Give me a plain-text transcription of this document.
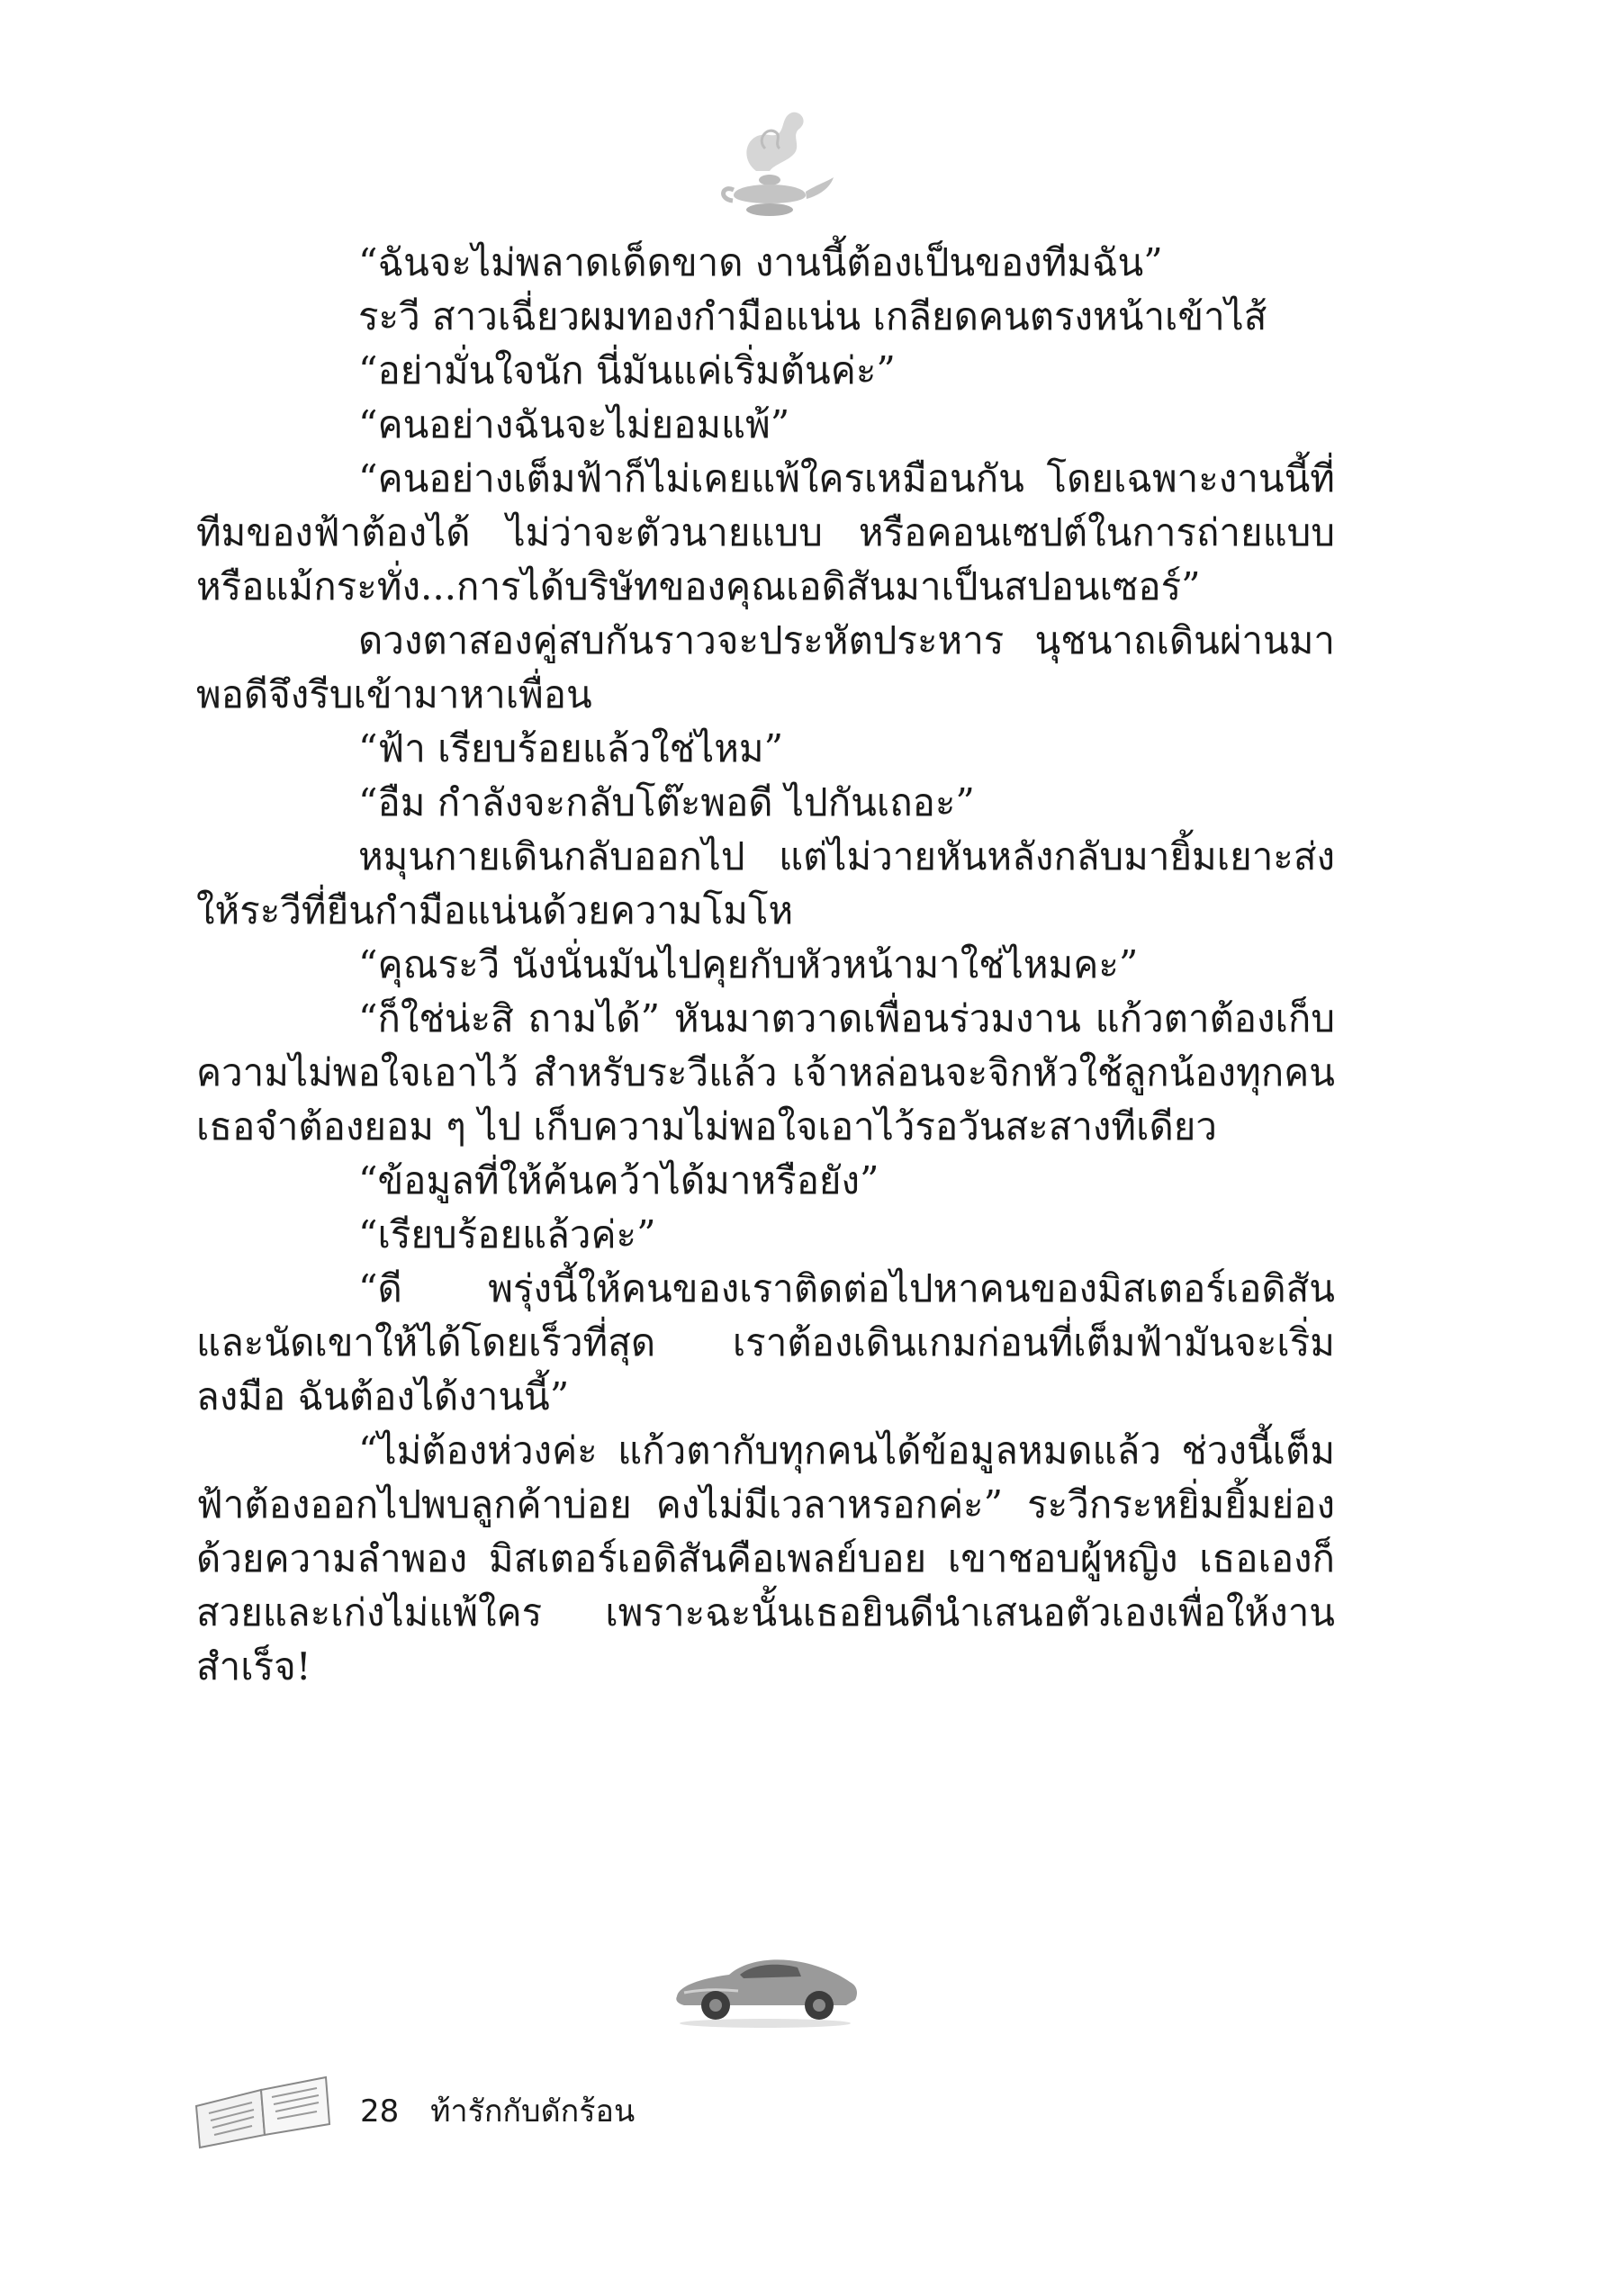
“ฉันจะไม่พลาดเด็ดขาด งานนี้ต้องเป็นของทีมฉัน”

ระวี สาวเฉี่ยวผมทองกำมือแน่น เกลียดคนตรงหน้าเข้าไส้

“อย่ามั่นใจนัก นี่มันแค่เริ่มต้นค่ะ”

“คนอย่างฉันจะไม่ยอมแพ้”

“คนอย่างเต็มฟ้าก็ไม่เคยแพ้ใครเหมือนกัน โดยเฉพาะงานนี้ที่ทีมของฟ้าต้องได้ ไม่ว่าจะตัวนายแบบ หรือคอนเซปต์ในการถ่ายแบบ หรือแม้กระทั่ง...การได้บริษัทของคุณเอดิสันมาเป็นสปอนเซอร์”

ดวงตาสองคู่สบกันราวจะประหัตประหาร นุชนาถเดินผ่านมาพอดีจึงรีบเข้ามาหาเพื่อน

“ฟ้า เรียบร้อยแล้วใช่ไหม”

“อืม กำลังจะกลับโต๊ะพอดี ไปกันเถอะ”

หมุนกายเดินกลับออกไป แต่ไม่วายหันหลังกลับมายิ้มเยาะส่งให้ระวีที่ยืนกำมือแน่นด้วยความโมโห

“คุณระวี นังนั่นมันไปคุยกับหัวหน้ามาใช่ไหมคะ”

“ก็ใช่น่ะสิ ถามได้” หันมาตวาดเพื่อนร่วมงาน แก้วตาต้องเก็บความไม่พอใจเอาไว้ สำหรับระวีแล้ว เจ้าหล่อนจะจิกหัวใช้ลูกน้องทุกคน เธอจำต้องยอม ๆ ไป เก็บความไม่พอใจเอาไว้รอวันสะสางทีเดียว

“ข้อมูลที่ให้ค้นคว้าได้มาหรือยัง”

“เรียบร้อยแล้วค่ะ”

“ดี พรุ่งนี้ให้คนของเราติดต่อไปหาคนของมิสเตอร์เอดิสัน และนัดเขาให้ได้โดยเร็วที่สุด เราต้องเดินเกมก่อนที่เต็มฟ้ามันจะเริ่มลงมือ ฉันต้องได้งานนี้”

“ไม่ต้องห่วงค่ะ แก้วตากับทุกคนได้ข้อมูลหมดแล้ว ช่วงนี้เต็มฟ้าต้องออกไปพบลูกค้าบ่อย คงไม่มีเวลาหรอกค่ะ” ระวีกระหยิ่มยิ้มย่องด้วยความลำพอง มิสเตอร์เอดิสันคือเพลย์บอย เขาชอบผู้หญิง เธอเองก็สวยและเก่งไม่แพ้ใคร เพราะฉะนั้นเธอยินดีนำเสนอตัวเองเพื่อให้งานสำเร็จ!

28 ท้ารักกับดักร้อน
